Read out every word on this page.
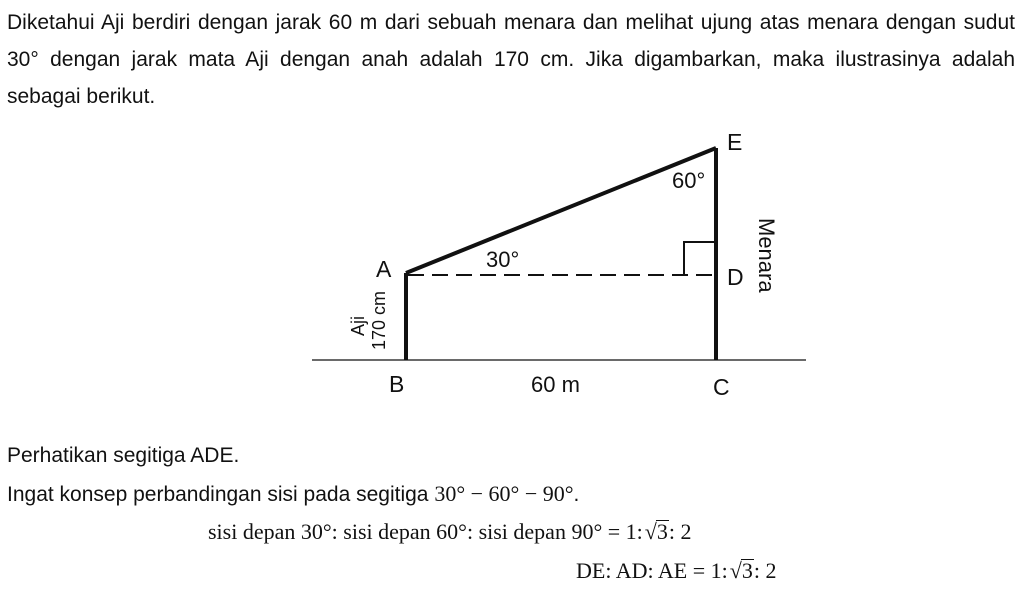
Diketahui Aji berdiri dengan jarak 60 m dari sebuah menara dan melihat ujung atas menara dengan sudut 30° dengan jarak mata Aji dengan anah adalah 170 cm. Jika digambarkan, maka ilustrasinya adalah sebagai berikut.
E
60°
30°
A	D
B	C
60 m
Menara
Aji 170 cm
Perhatikan segitiga ADE.
Ingat konsep perbandingan sisi pada segitiga 30° − 60° − 90°.
sisi depan 30°: sisi depan 60°: sisi depan 90° = 1:√3: 2
DE: AD: AE = 1:√3: 2
